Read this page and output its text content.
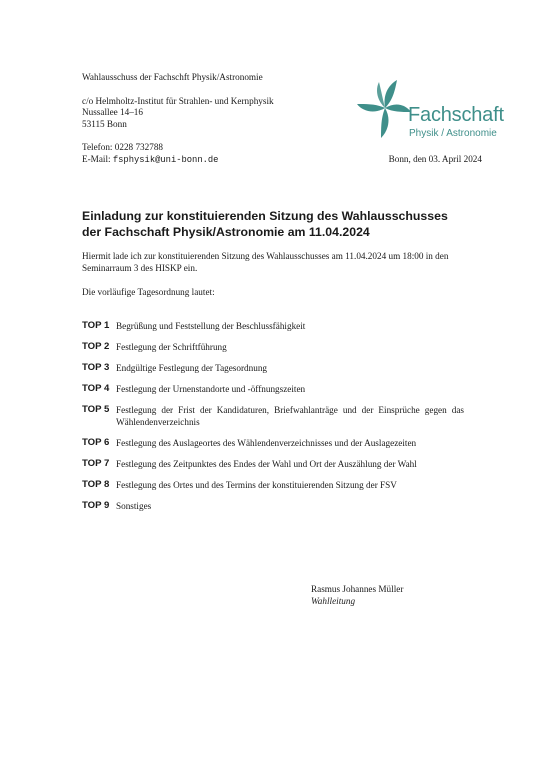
Wahlausschuss der Fachschft Physik/Astronomie
c/o Helmholtz-Institut für Strahlen- und Kernphysik
Nussallee 14–16
53115 Bonn
Telefon: 0228 732788
E-Mail: fsphysik@uni-bonn.de
Fachschaft
Physik / Astronomie
Bonn, den 03. April 2024
Einladung zur konstituierenden Sitzung des Wahlausschusses
der Fachschaft Physik/Astronomie am 11.04.2024
Hiermit lade ich zur konstituierenden Sitzung des Wahlausschusses am 11.04.2024 um 18:00 in den Seminarraum 3 des HISKP ein.
Die vorläufige Tagesordnung lautet:
TOP 1 Begrüßung und Feststellung der Beschlussfähigkeit
TOP 2 Festlegung der Schriftführung
TOP 3 Endgültige Festlegung der Tagesordnung
TOP 4 Festlegung der Urnenstandorte und -öffnungszeiten
TOP 5 Festlegung der Frist der Kandidaturen, Briefwahlanträge und der Einsprüche gegen das Wählendenverzeichnis
TOP 6 Festlegung des Auslageortes des Wählendenverzeichnisses und der Auslagezeiten
TOP 7 Festlegung des Zeitpunktes des Endes der Wahl und Ort der Auszählung der Wahl
TOP 8 Festlegung des Ortes und des Termins der konstituierenden Sitzung der FSV
TOP 9 Sonstiges
Rasmus Johannes Müller
Wahlleitung
